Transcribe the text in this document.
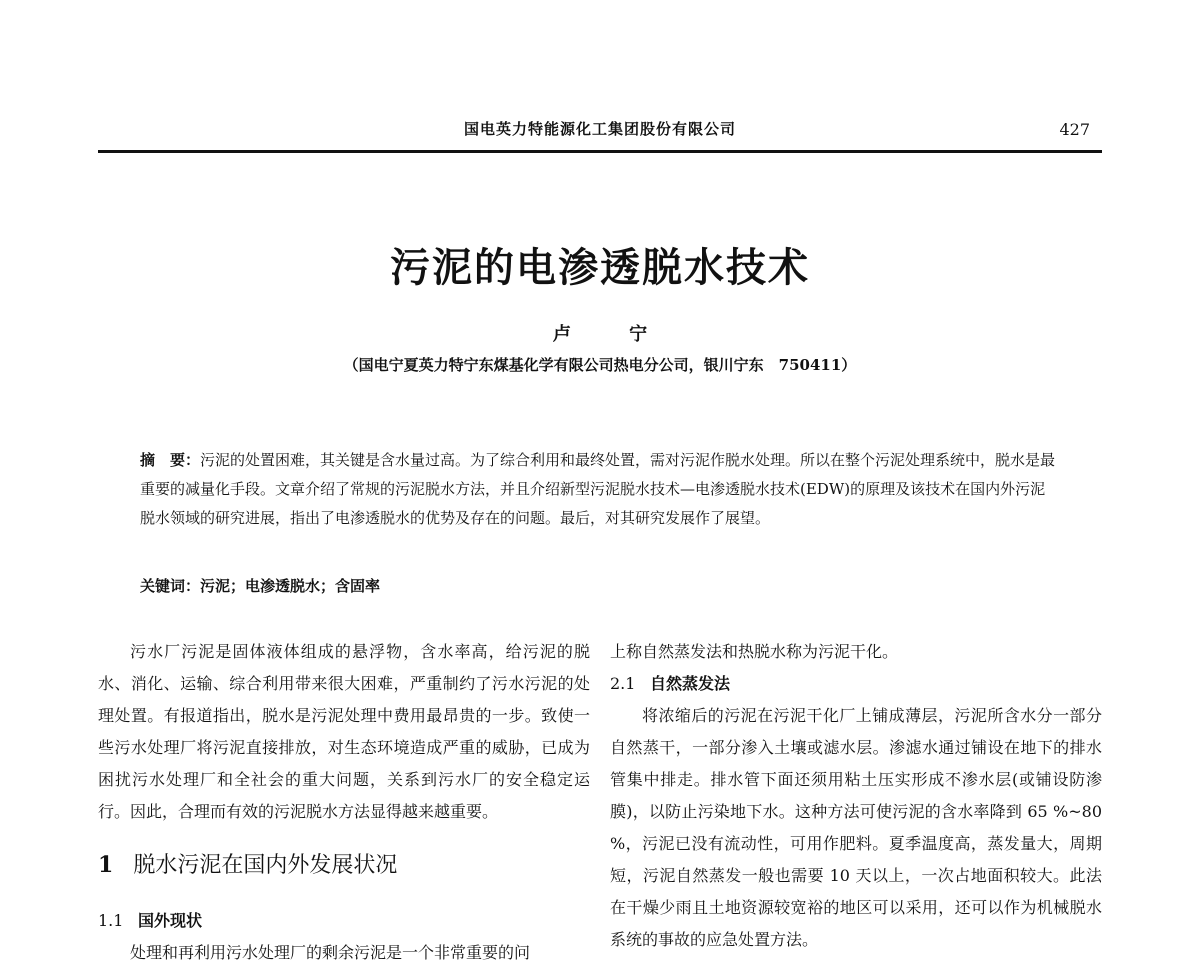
国电英力特能源化工集团股份有限公司	427
污泥的电渗透脱水技术
卢 宁
（国电宁夏英力特宁东煤基化学有限公司热电分公司，银川宁东　750411）
摘　要：污泥的处置困难，其关键是含水量过高。为了综合利用和最终处置，需对污泥作脱水处理。所以在整个污泥处理系统中，脱水是最重要的减量化手段。文章介绍了常规的污泥脱水方法，并且介绍新型污泥脱水技术—电渗透脱水技术(EDW)的原理及该技术在国内外污泥脱水领域的研究进展，指出了电渗透脱水的优势及存在的问题。最后，对其研究发展作了展望。
关键词：污泥；电渗透脱水；含固率

污水厂污泥是固体液体组成的悬浮物，含水率高，给污泥的脱水、消化、运输、综合利用带来很大困难，严重制约了污水污泥的处理处置。有报道指出，脱水是污泥处理中费用最昂贵的一步。致使一些污水处理厂将污泥直接排放，对生态环境造成严重的威胁，已成为困扰污水处理厂和全社会的重大问题，关系到污水厂的安全稳定运行。因此，合理而有效的污泥脱水方法显得越来越重要。

1 脱水污泥在国内外发展状况
1.1 国外现状

处理和再利用污水处理厂的剩余污泥是一个非常重要的问

上称自然蒸发法和热脱水称为污泥干化。

2.1 自然蒸发法

将浓缩后的污泥在污泥干化厂上铺成薄层，污泥所含水分一部分自然蒸干，一部分渗入土壤或滤水层。渗滤水通过铺设在地下的排水管集中排走。排水管下面还须用粘土压实形成不渗水层(或铺设防渗膜)，以防止污染地下水。这种方法可使污泥的含水率降到 65 %~80 %，污泥已没有流动性，可用作肥料。夏季温度高，蒸发量大，周期短，污泥自然蒸发一般也需要 10 天以上，一次占地面积较大。此法在干燥少雨且土地资源较宽裕的地区可以采用，还可以作为机械脱水系统的事故的应急处置方法。
